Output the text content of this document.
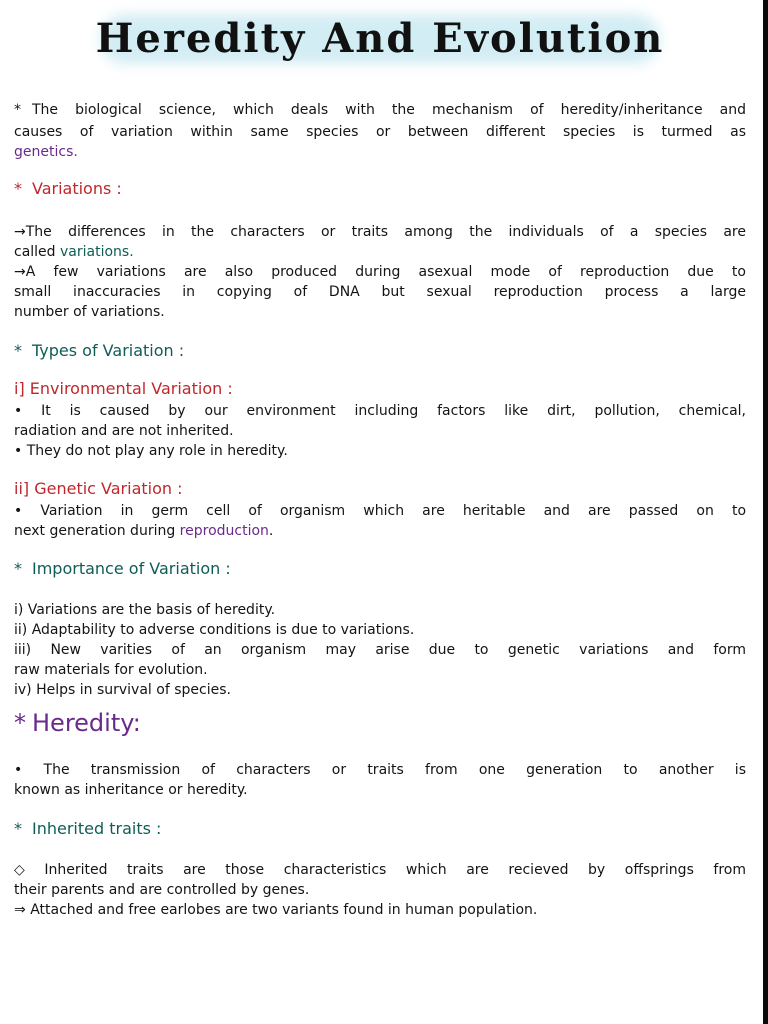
Heredity And Evolution
* The biological science, which deals with the mechanism of heredity/inheritance and
causes of variation within same species or between different species is turmed as
genetics.
* Variations :
→The differences in the characters or traits among the individuals of a species are
called variations.
→A few variations are also produced during asexual mode of reproduction due to
small inaccuracies in copying of DNA but sexual reproduction process a large
number of variations.
* Types of Variation :
i] Environmental Variation :
• It is caused by our environment including factors like dirt, pollution, chemical,
radiation and are not inherited.
• They do not play any role in heredity.
ii] Genetic Variation :
• Variation in germ cell of organism which are heritable and are passed on to
next generation during reproduction.
* Importance of Variation :
i) Variations are the basis of heredity.
ii) Adaptability to adverse conditions is due to variations.
iii) New varities of an organism may arise due to genetic variations and form
raw materials for evolution.
iv) Helps in survival of species.
* Heredity:
• The transmission of characters or traits from one generation to another is
known as inheritance or heredity.
* Inherited traits :
◇ Inherited traits are those characteristics which are recieved by offsprings from
their parents and are controlled by genes.
⇒ Attached and free earlobes are two variants found in human population.
